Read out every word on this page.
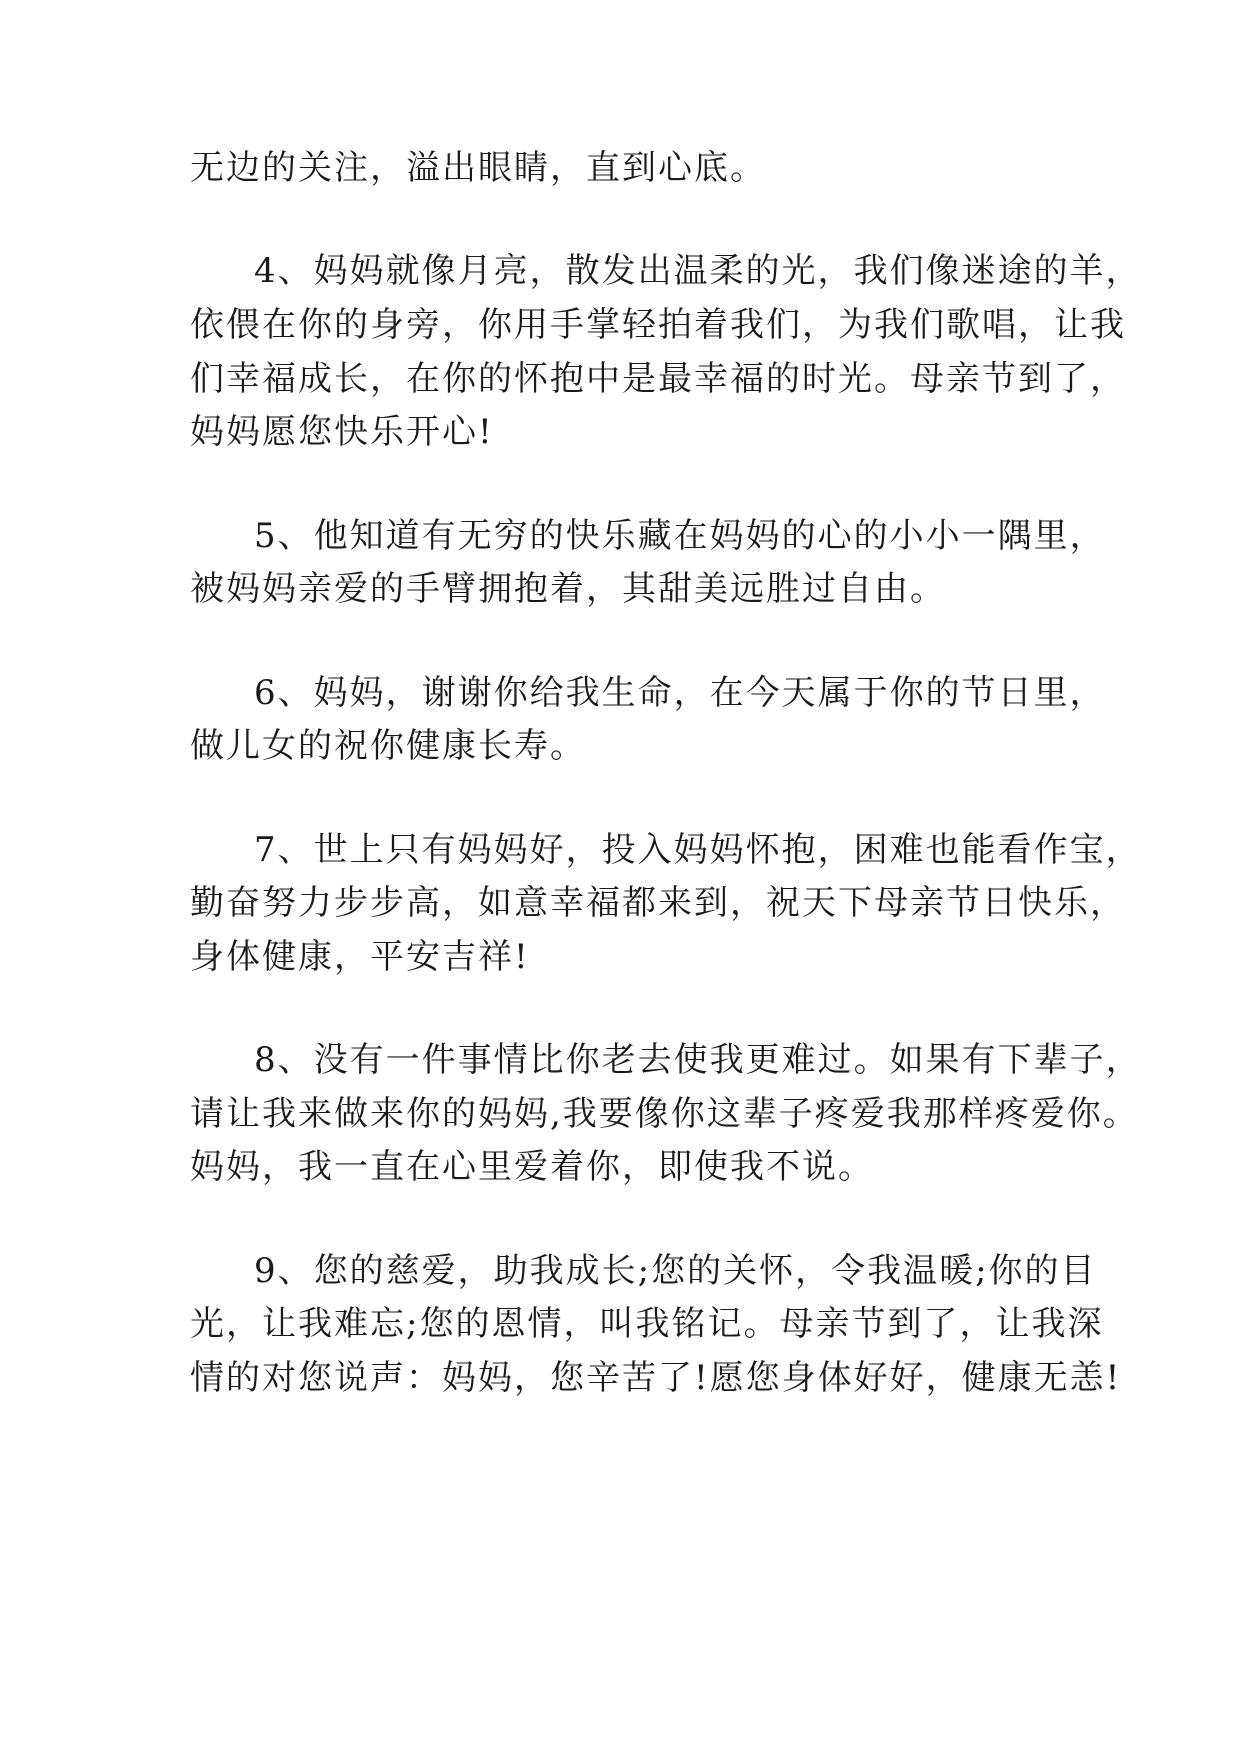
无边的关注，溢出眼睛，直到心底。
4、妈妈就像月亮，散发出温柔的光，我们像迷途的羊，
依偎在你的身旁，你用手掌轻拍着我们，为我们歌唱，让我
们幸福成长，在你的怀抱中是最幸福的时光。母亲节到了，
妈妈愿您快乐开心!
5、他知道有无穷的快乐藏在妈妈的心的小小一隅里，
被妈妈亲爱的手臂拥抱着，其甜美远胜过自由。
6、妈妈，谢谢你给我生命，在今天属于你的节日里，
做儿女的祝你健康长寿。
7、世上只有妈妈好，投入妈妈怀抱，困难也能看作宝，
勤奋努力步步高，如意幸福都来到，祝天下母亲节日快乐，
身体健康，平安吉祥!
8、没有一件事情比你老去使我更难过。如果有下辈子，
请让我来做来你的妈妈,我要像你这辈子疼爱我那样疼爱你。
妈妈，我一直在心里爱着你，即使我不说。
9、您的慈爱，助我成长;您的关怀，令我温暖;你的目
光，让我难忘;您的恩情，叫我铭记。母亲节到了，让我深
情的对您说声：妈妈，您辛苦了!愿您身体好好，健康无恙!
